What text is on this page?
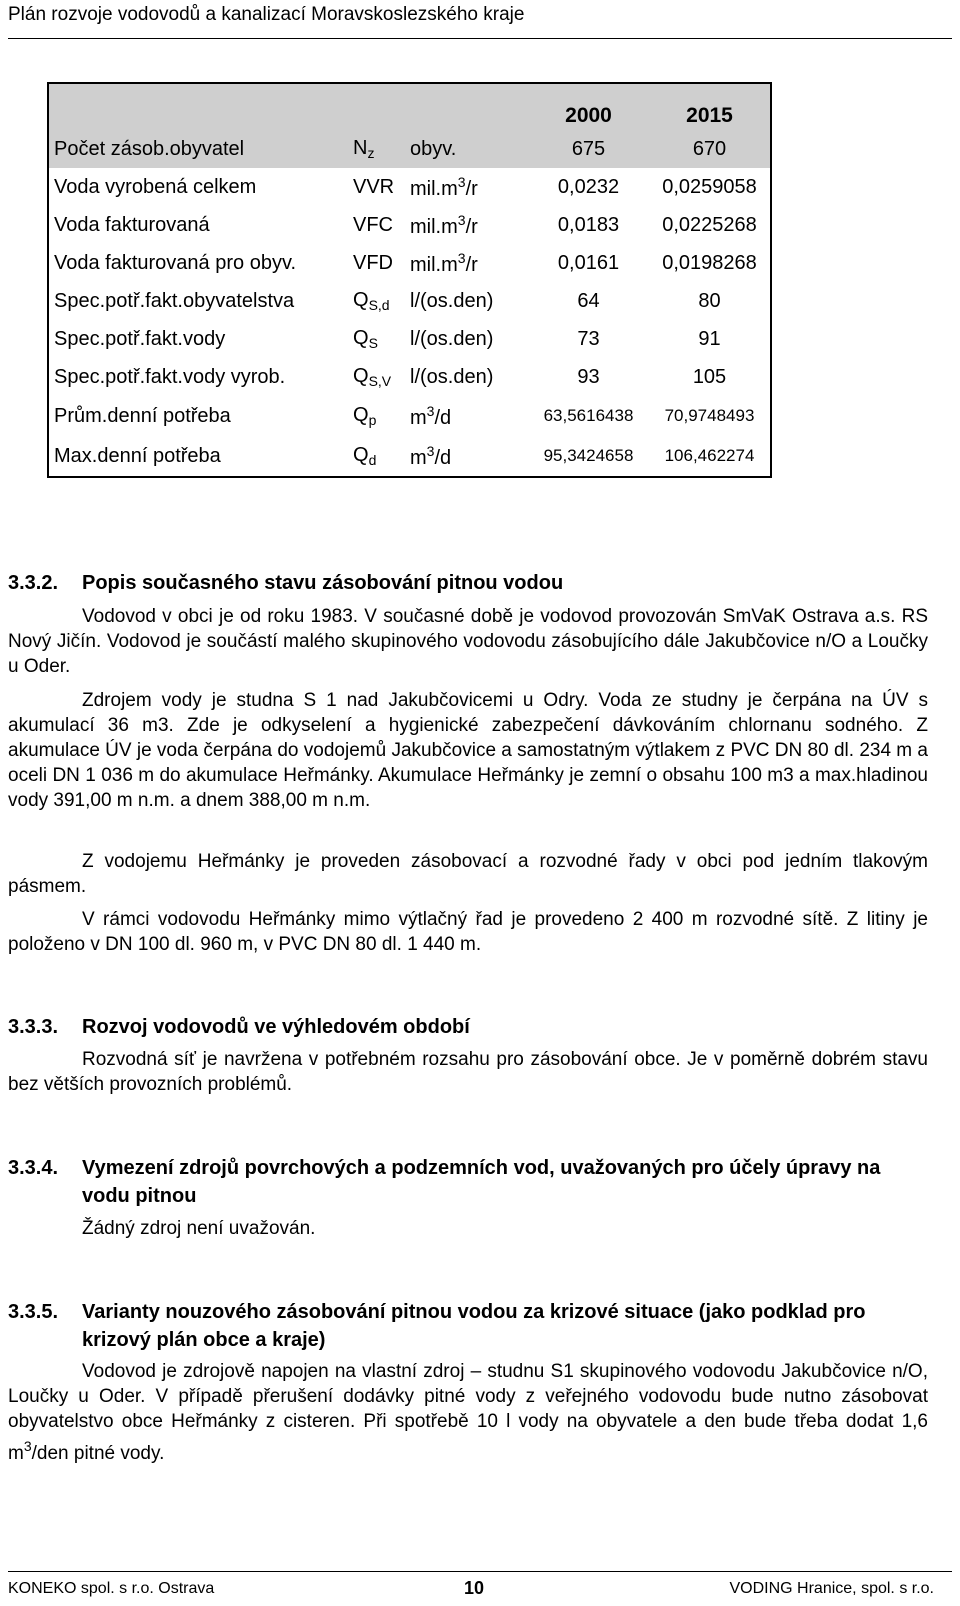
Plán rozvoje vodovodů a kanalizací Moravskoslezského kraje
			2000	2015
Počet zásob.obyvatel	$N_z$	obyv.	675	670
Voda vyrobená celkem	VVR	$mil.m^3/r$	0,0232	0,0259058
Voda fakturovaná	VFC	$mil.m^3/r$	0,0183	0,0225268
Voda fakturovaná pro obyv.	VFD	$mil.m^3/r$	0,0161	0,0198268
Spec.potř.fakt.obyvatelstva	$Q_{S,d}$	l/(os.den)	64	80
Spec.potř.fakt.vody	$Q_S$	l/(os.den)	73	91
Spec.potř.fakt.vody vyrob.	$Q_{S,V}$	l/(os.den)	93	105
Prům.denní potřeba	$Q_p$	$m^3/d$	63,5616438	70,9748493
Max.denní potřeba	$Q_d$	$m^3/d$	95,3424658	106,462274
3.3.2. Popis současného stavu zásobování pitnou vodou
Vodovod v obci je od roku 1983. V současné době je vodovod provozován SmVaK Ostrava a.s. RS Nový Jičín. Vodovod je součástí malého skupinového vodovodu zásobujícího dále Jakubčovice n/O a Loučky u Oder.
Zdrojem vody je studna S 1 nad Jakubčovicemi u Odry. Voda ze studny je čerpána na ÚV s akumulací 36 m3. Zde je odkyselení a hygienické zabezpečení dávkováním chlornanu sodného. Z akumulace ÚV je voda čerpána do vodojemů Jakubčovice a samostatným výtlakem z PVC DN 80 dl. 234 m a oceli DN 1 036 m do akumulace Heřmánky. Akumulace Heřmánky je zemní o obsahu 100 m3 a max.hladinou vody 391,00 m n.m. a dnem 388,00 m n.m.
Z vodojemu Heřmánky je proveden zásobovací a rozvodné řady v obci pod jedním tlakovým pásmem.
V rámci vodovodu Heřmánky mimo výtlačný řad je provedeno 2 400 m rozvodné sítě. Z litiny je položeno v DN 100 dl. 960 m, v PVC DN 80 dl. 1 440 m.
3.3.3. Rozvoj vodovodů ve výhledovém období
Rozvodná síť je navržena v potřebném rozsahu pro zásobování obce. Je v poměrně dobrém stavu bez větších provozních problémů.
3.3.4. Vymezení zdrojů povrchových a podzemních vod, uvažovaných pro účely úpravy na vodu pitnou
Žádný zdroj není uvažován.
3.3.5. Varianty nouzového zásobování pitnou vodou za krizové situace (jako podklad pro krizový plán obce a kraje)
Vodovod je zdrojově napojen na vlastní zdroj – studnu S1 skupinového vodovodu Jakubčovice n/O, Loučky u Oder. V případě přerušení dodávky pitné vody z veřejného vodovodu bude nutno zásobovat obyvatelstvo obce Heřmánky z cisteren. Při spotřebě 10 l vody na obyvatele a den bude třeba dodat 1,6 $m^3$/den pitné vody.
KONEKO spol. s r.o. Ostrava	10	VODING Hranice, spol. s r.o.
